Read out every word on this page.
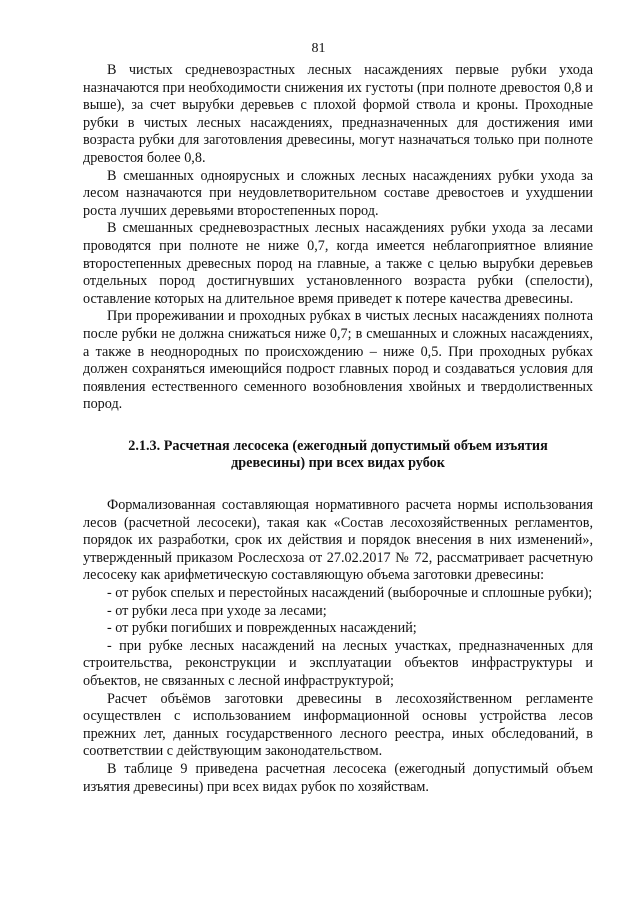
81

В чистых средневозрастных лесных насаждениях первые рубки ухода назначаются при необходимости снижения их густоты (при полноте древостоя 0,8 и выше), за счет вырубки деревьев с плохой формой ствола и кроны. Проходные рубки в чистых лесных насаждениях, предназначенных для достижения ими возраста рубки для заготовления древесины, могут назначаться только при полноте древостоя более 0,8.

В смешанных одноярусных и сложных лесных насаждениях рубки ухода за лесом назначаются при неудовлетворительном составе древостоев и ухудшении роста лучших деревьями второстепенных пород.

В смешанных средневозрастных лесных насаждениях рубки ухода за лесами проводятся при полноте не ниже 0,7, когда имеется неблагоприятное влияние второстепенных древесных пород на главные, а также с целью вырубки деревьев отдельных пород достигнувших установленного возраста рубки (спелости), оставление которых на длительное время приведет к потере качества древесины.

При прореживании и проходных рубках в чистых лесных насаждениях полнота после рубки не должна снижаться ниже 0,7; в смешанных и сложных насаждениях, а также в неоднородных по происхождению – ниже 0,5. При проходных рубках должен сохраняться имеющийся подрост главных пород и создаваться условия для появления естественного семенного возобновления хвойных и твердолиственных пород.

2.1.3. Расчетная лесосека (ежегодный допустимый объем изъятия
древесины) при всех видах рубок

Формализованная составляющая нормативного расчета нормы использования лесов (расчетной лесосеки), такая как «Состав лесохозяйственных регламентов, порядок их разработки, срок их действия и порядок внесения в них изменений», утвержденный приказом Рослесхоза от 27.02.2017 № 72, рассматривает расчетную лесосеку как арифметическую составляющую объема заготовки древесины:

- от рубок спелых и перестойных насаждений (выборочные и сплошные рубки);

- от рубки леса при уходе за лесами;

- от рубки погибших и поврежденных насаждений;

- при рубке лесных насаждений на лесных участках, предназначенных для строительства, реконструкции и эксплуатации объектов инфраструктуры и объектов, не связанных с лесной инфраструктурой;

Расчет объёмов заготовки древесины в лесохозяйственном регламенте осуществлен с использованием информационной основы устройства лесов прежних лет, данных государственного лесного реестра, иных обследований, в соответствии с действующим законодательством.

В таблице 9 приведена расчетная лесосека (ежегодный допустимый объем изъятия древесины) при всех видах рубок по хозяйствам.
